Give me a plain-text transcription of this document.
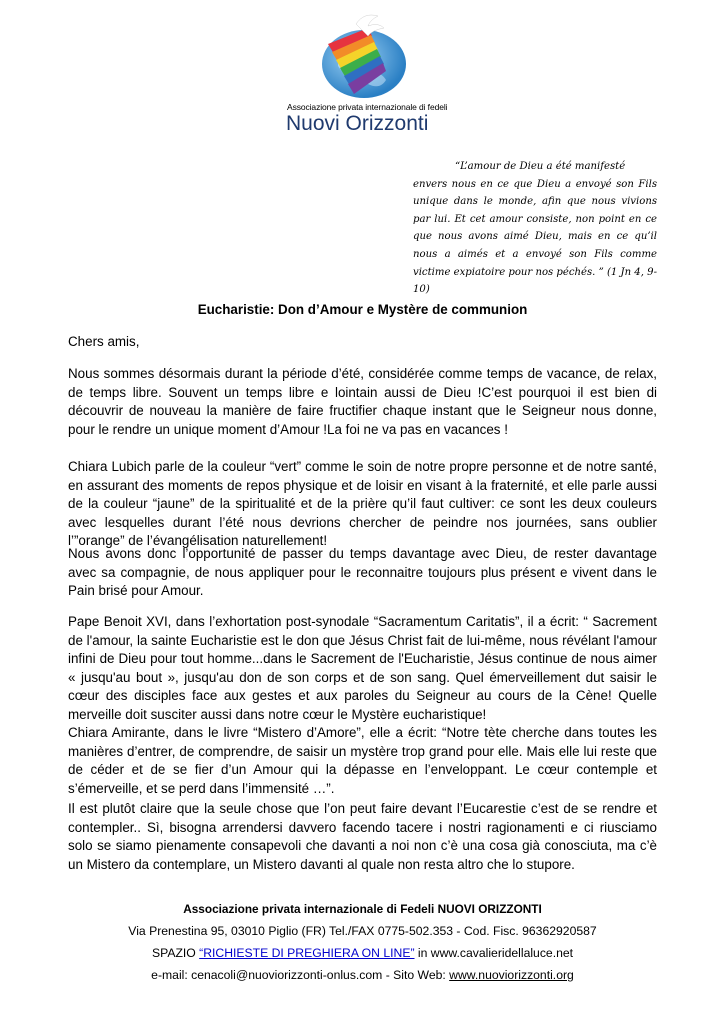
Associazione privata internazionale di fedeli
Nuovi Orizzonti
“L’amour de Dieu a été manifesté
envers nous en ce que Dieu a envoyé son Fils unique dans le monde, afin que nous vivions par lui. Et cet amour consiste, non point en ce que nous avons aimé Dieu, mais en ce qu’il nous a aimés et a envoyé son Fils comme victime expiatoire pour nos péchés. ” (1 Jn 4, 9-10)
Eucharistie: Don d’Amour e Mystère de communion
Chers amis,

Nous sommes désormais durant la période d’été, considérée comme temps de vacance, de relax, de temps libre. Souvent un temps libre e lointain aussi de Dieu !C’est pourquoi il est bien di découvrir de nouveau la manière de faire fructifier chaque instant que le Seigneur nous donne, pour le rendre un unique moment d’Amour !La foi ne va pas en vacances !

Chiara Lubich parle de la couleur “vert” comme le soin de notre propre personne et de notre santé, en assurant des moments de repos physique et de loisir en visant à la fraternité, et elle parle aussi de la couleur “jaune” de la spiritualité et de la prière qu’il faut cultiver: ce sont les deux couleurs avec lesquelles durant l’été nous devrions chercher de peindre nos journées, sans oublier l’”orange” de l’évangélisation naturellement!

Nous avons donc l’opportunité de passer du temps davantage avec Dieu, de rester davantage avec sa compagnie, de nous appliquer pour le reconnaitre toujours plus présent e vivent dans le Pain brisé pour Amour.

Pape Benoit XVI, dans l’exhortation post-synodale “Sacramentum Caritatis”, il a écrit: “ Sacrement de l'amour, la sainte Eucharistie est le don que Jésus Christ fait de lui-même, nous révélant l'amour infini de Dieu pour tout homme...dans le Sacrement de l'Eucharistie, Jésus continue de nous aimer « jusqu'au bout », jusqu'au don de son corps et de son sang. Quel émerveillement dut saisir le cœur des disciples face aux gestes et aux paroles du Seigneur au cours de la Cène! Quelle merveille doit susciter aussi dans notre cœur le Mystère eucharistique!

Chiara Amirante, dans le livre “Mistero d’Amore”, elle a écrit: “Notre tète cherche dans toutes les manières d’entrer, de comprendre, de saisir un mystère trop grand pour elle. Mais elle lui reste que de céder et de se fier d’un Amour qui la dépasse en l’enveloppant. Le cœur contemple et s’émerveille, et se perd dans l’immensité …”.

Il est plutôt claire que la seule chose que l’on peut faire devant l’Eucarestie c’est de se rendre et contempler.. Sì, bisogna arrendersi davvero facendo tacere i nostri ragionamenti e ci riusciamo solo se siamo pienamente consapevoli che davanti a noi non c’è una cosa già conosciuta, ma c’è un Mistero da contemplare, un Mistero davanti al quale non resta altro che lo stupore.

Associazione privata internazionale di Fedeli NUOVI ORIZZONTI
Via Prenestina 95, 03010 Piglio (FR) Tel./FAX 0775-502.353 - Cod. Fisc. 96362920587
SPAZIO “RICHIESTE DI PREGHIERA ON LINE” in www.cavalieridellaluce.net
e-mail: cenacoli@nuoviorizzonti-onlus.com - Sito Web: www.nuoviorizzonti.org
